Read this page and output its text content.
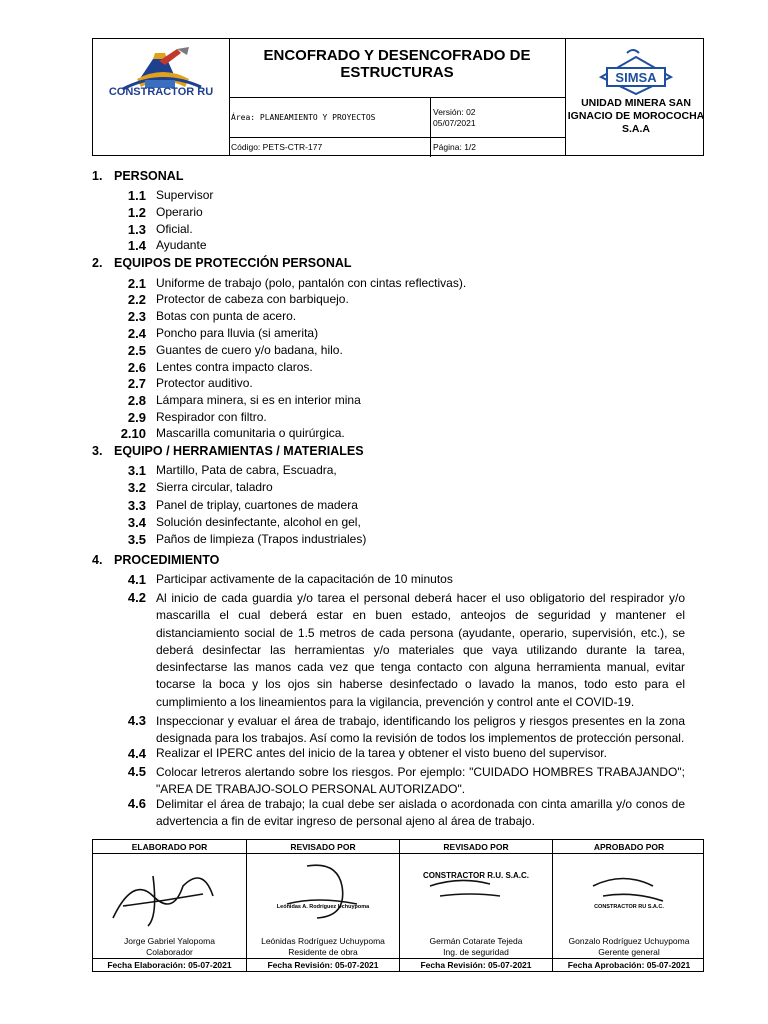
CONSTRACTOR RU
ENCOFRADO Y DESENCOFRADO DE ESTRUCTURAS
Área: PLANEAMIENTO Y PROYECTOS
Versión: 02
05/07/2021
Código: PETS-CTR-177	Página: 1/2
SIMSA
UNIDAD MINERA SAN IGNACIO DE MOROCOCHA S.A.A
1. PERSONAL
1.1 Supervisor
1.2 Operario
1.3 Oficial.
1.4 Ayudante
2. EQUIPOS DE PROTECCIÓN PERSONAL
2.1 Uniforme de trabajo (polo, pantalón con cintas reflectivas).
2.2 Protector de cabeza con barbiquejo.
2.3 Botas con punta de acero.
2.4 Poncho para lluvia (si amerita)
2.5 Guantes de cuero y/o badana, hilo.
2.6 Lentes contra impacto claros.
2.7 Protector auditivo.
2.8 Lámpara minera, si es en interior mina
2.9 Respirador con filtro.
2.10 Mascarilla comunitaria o quirúrgica.
3. EQUIPO / HERRAMIENTAS / MATERIALES
3.1 Martillo, Pata de cabra, Escuadra,
3.2 Sierra circular, taladro
3.3 Panel de triplay, cuartones de madera
3.4 Solución desinfectante, alcohol en gel,
3.5 Paños de limpieza (Trapos industriales)
4. PROCEDIMIENTO
4.1 Participar activamente de la capacitación de 10 minutos
4.2 Al inicio de cada guardia y/o tarea el personal deberá hacer el uso obligatorio del respirador y/o mascarilla el cual deberá estar en buen estado, anteojos de seguridad y mantener el distanciamiento social de 1.5 metros de cada persona (ayudante, operario, supervisión, etc.), se deberá desinfectar las herramientas y/o materiales que vaya utilizando durante la tarea, desinfectarse las manos cada vez que tenga contacto con alguna herramienta manual, evitar tocarse la boca y los ojos sin haberse desinfectado o lavado la manos, todo esto para el cumplimiento a los lineamientos para la vigilancia, prevención y control ante el COVID-19.
4.3 Inspeccionar y evaluar el área de trabajo, identificando los peligros y riesgos presentes en la zona designada para los trabajos. Así como la revisión de todos los implementos de protección personal.
4.4 Realizar el IPERC antes del inicio de la tarea y obtener el visto bueno del supervisor.
4.5 Colocar letreros alertando sobre los riesgos. Por ejemplo: "CUIDADO HOMBRES TRABAJANDO"; "AREA DE TRABAJO-SOLO PERSONAL AUTORIZADO".
4.6 Delimitar el área de trabajo; la cual debe ser aislada o acordonada con cinta amarilla y/o conos de advertencia a fin de evitar ingreso de personal ajeno al área de trabajo.
ELABORADO POR
Jorge Gabriel Yalopoma
Colaborador
Fecha Elaboración: 05-07-2021
REVISADO POR
Leónidas A. Rodríguez Uchuypoma
Leónidas Rodríguez Uchuypoma
Residente de obra
Fecha Revisión: 05-07-2021
REVISADO POR
CONSTRACTOR R.U. S.A.C.
Germán Cotarate Tejeda
Ing. de seguridad
Fecha Revisión: 05-07-2021
APROBADO POR
CONSTRACTOR RU S.A.C.
Gonzalo Rodríguez Uchuypoma
Gerente general
Fecha Aprobación: 05-07-2021
